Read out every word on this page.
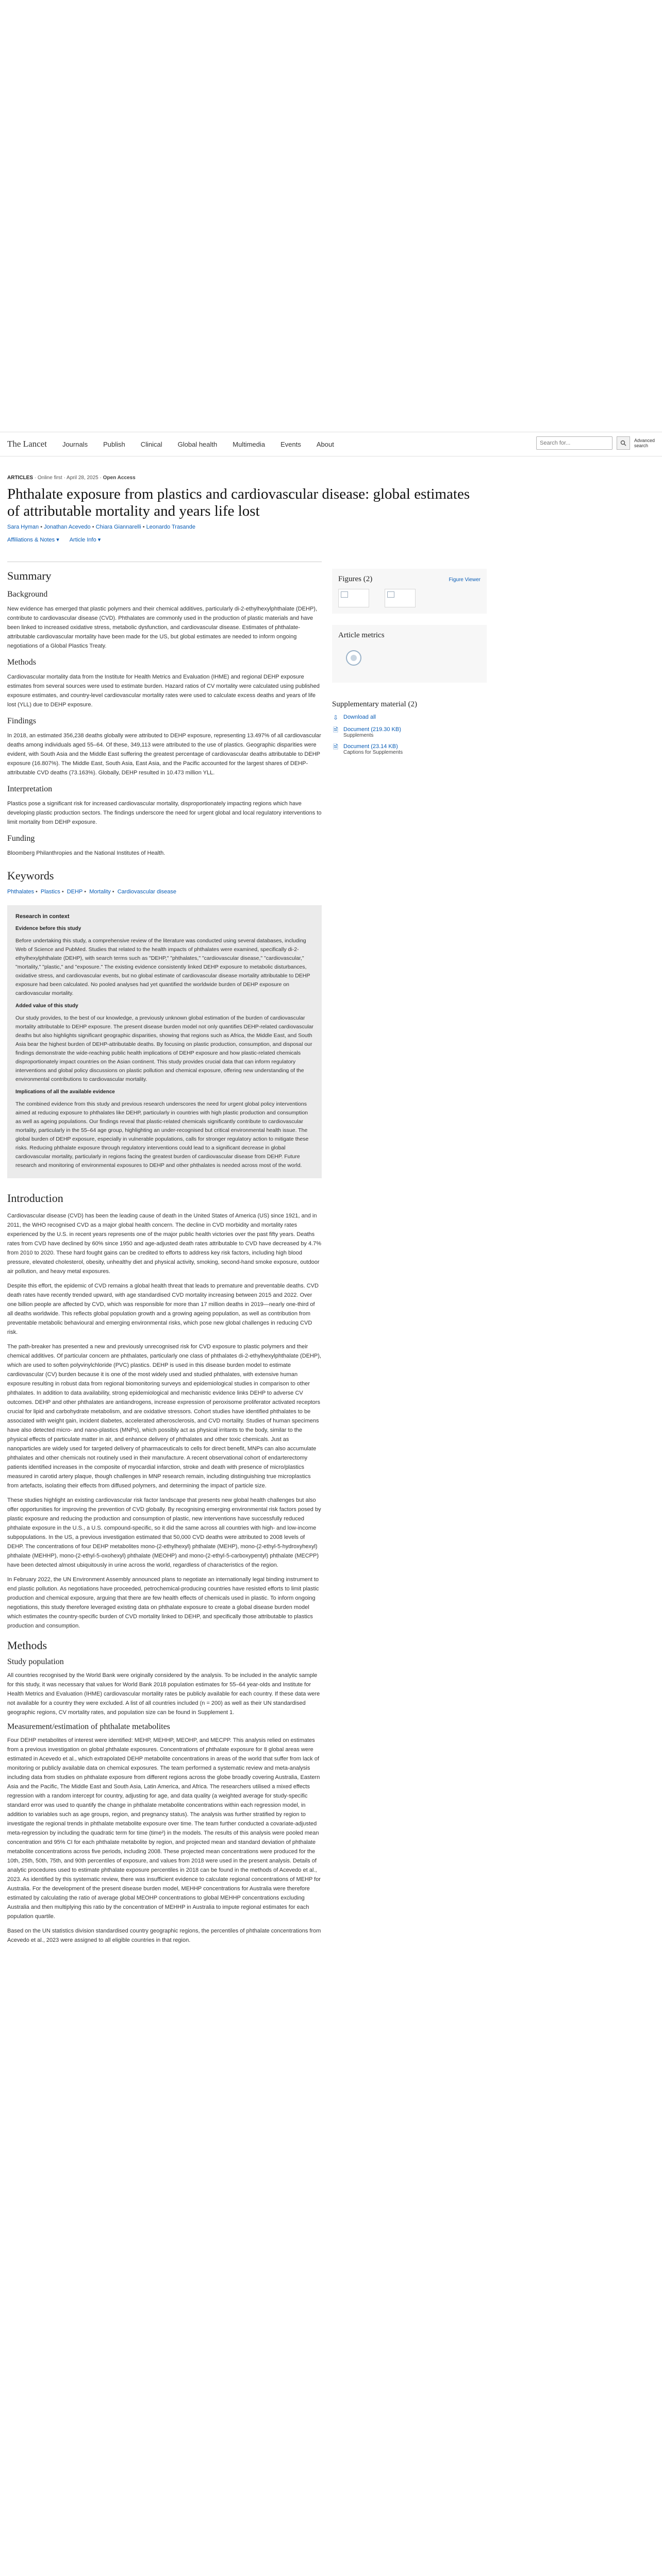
The Lancet Journals Publish Clinical Global health Multimedia Events About
Search for...	Advanced search
ARTICLES · Online first · April 28, 2025 · Open Access
Phthalate exposure from plastics and cardiovascular disease: global estimates of attributable mortality and years life lost
Sara Hyman • Jonathan Acevedo • Chiara Giannarelli • Leonardo Trasande
Affiliations & Notes ▾ Article Info ▾
Summary
Background

New evidence has emerged that plastic polymers and their chemical additives, particularly di-2-ethylhexylphthalate (DEHP), contribute to cardiovascular disease (CVD). Phthalates are commonly used in the production of plastic materials and have been linked to increased oxidative stress, metabolic dysfunction, and cardiovascular disease. Estimates of phthalate-attributable cardiovascular mortality have been made for the US, but global estimates are needed to inform ongoing negotiations of a Global Plastics Treaty.

Methods

Cardiovascular mortality data from the Institute for Health Metrics and Evaluation (IHME) and regional DEHP exposure estimates from several sources were used to estimate burden. Hazard ratios of CV mortality were calculated using published exposure estimates, and country-level cardiovascular mortality rates were used to calculate excess deaths and years of life lost (YLL) due to DEHP exposure.

Findings

In 2018, an estimated 356,238 deaths globally were attributed to DEHP exposure, representing 13.497% of all cardiovascular deaths among individuals aged 55–64. Of these, 349,113 were attributed to the use of plastics. Geographic disparities were evident, with South Asia and the Middle East suffering the greatest percentage of cardiovascular deaths attributable to DEHP exposure (16.807%). The Middle East, South Asia, East Asia, and the Pacific accounted for the largest shares of DEHP-attributable CVD deaths (73.163%). Globally, DEHP resulted in 10.473 million YLL.

Interpretation

Plastics pose a significant risk for increased cardiovascular mortality, disproportionately impacting regions which have developing plastic production sectors. The findings underscore the need for urgent global and local regulatory interventions to limit mortality from DEHP exposure.

Funding

Bloomberg Philanthropies and the National Institutes of Health.

Keywords
Phthalates • Plastics • DEHP • Mortality • Cardiovascular disease
Research in context
Evidence before this study

Before undertaking this study, a comprehensive review of the literature was conducted using several databases, including Web of Science and PubMed. Studies that related to the health impacts of phthalates were examined, specifically di-2-ethylhexylphthalate (DEHP), with search terms such as "DEHP," "phthalates," "cardiovascular disease," "cardiovascular," "mortality," "plastic," and "exposure." The existing evidence consistently linked DEHP exposure to metabolic disturbances, oxidative stress, and cardiovascular events, but no global estimate of cardiovascular disease mortality attributable to DEHP exposure had been calculated. No pooled analyses had yet quantified the worldwide burden of DEHP exposure on cardiovascular mortality.

Added value of this study

Our study provides, to the best of our knowledge, a previously unknown global estimation of the burden of cardiovascular mortality attributable to DEHP exposure. The present disease burden model not only quantifies DEHP-related cardiovascular deaths but also highlights significant geographic disparities, showing that regions such as Africa, the Middle East, and South Asia bear the highest burden of DEHP-attributable deaths. By focusing on plastic production, consumption, and disposal our findings demonstrate the wide-reaching public health implications of DEHP exposure and how plastic-related chemicals disproportionately impact countries on the Asian continent. This study provides crucial data that can inform regulatory interventions and global policy discussions on plastic pollution and chemical exposure, offering new understanding of the environmental contributions to cardiovascular mortality.

Implications of all the available evidence

The combined evidence from this study and previous research underscores the need for urgent global policy interventions aimed at reducing exposure to phthalates like DEHP, particularly in countries with high plastic production and consumption as well as ageing populations. Our findings reveal that plastic-related chemicals significantly contribute to cardiovascular mortality, particularly in the 55–64 age group, highlighting an under-recognised but critical environmental health issue. The global burden of DEHP exposure, especially in vulnerable populations, calls for stronger regulatory action to mitigate these risks. Reducing phthalate exposure through regulatory interventions could lead to a significant decrease in global cardiovascular mortality, particularly in regions facing the greatest burden of cardiovascular disease from DEHP. Future research and monitoring of environmental exposures to DEHP and other phthalates is needed across most of the world.

Introduction

Cardiovascular disease (CVD) has been the leading cause of death in the United States of America (US) since 1921, and in 2011, the WHO recognised CVD as a major global health concern. The decline in CVD morbidity and mortality rates experienced by the U.S. in recent years represents one of the major public health victories over the past fifty years. Deaths rates from CVD have declined by 60% since 1950 and age-adjusted death rates attributable to CVD have decreased by 4.7% from 2010 to 2020. These hard fought gains can be credited to efforts to address key risk factors, including high blood pressure, elevated cholesterol, obesity, unhealthy diet and physical activity, smoking, second-hand smoke exposure, outdoor air pollution, and heavy metal exposures.

Despite this effort, the epidemic of CVD remains a global health threat that leads to premature and preventable deaths. CVD death rates have recently trended upward, with age standardised CVD mortality increasing between 2015 and 2022. Over one billion people are affected by CVD, which was responsible for more than 17 million deaths in 2019—nearly one-third of all deaths worldwide. This reflects global population growth and a growing ageing population, as well as contribution from preventable metabolic behavioural and emerging environmental risks, which pose new global challenges in reducing CVD risk.

The path-breaker has presented a new and previously unrecognised risk for CVD exposure to plastic polymers and their chemical additives. Of particular concern are phthalates, particularly one class of phthalates di-2-ethylhexylphthalate (DEHP), which are used to soften polyvinylchloride (PVC) plastics. DEHP is used in this disease burden model to estimate cardiovascular (CV) burden because it is one of the most widely used and studied phthalates, with extensive human exposure resulting in robust data from regional biomonitoring surveys and epidemiological studies in comparison to other phthalates. In addition to data availability, strong epidemiological and mechanistic evidence links DEHP to adverse CV outcomes. DEHP and other phthalates are antiandrogens, increase expression of peroxisome proliferator activated receptors crucial for lipid and carbohydrate metabolism, and are oxidative stressors. Cohort studies have identified phthalates to be associated with weight gain, incident diabetes, accelerated atherosclerosis, and CVD mortality. Studies of human specimens have also detected micro- and nano-plastics (MNPs), which possibly act as physical irritants to the body, similar to the physical effects of particulate matter in air, and enhance delivery of phthalates and other toxic chemicals. Just as nanoparticles are widely used for targeted delivery of pharmaceuticals to cells for direct benefit, MNPs can also accumulate phthalates and other chemicals not routinely used in their manufacture. A recent observational cohort of endarterectomy patients identified increases in the composite of myocardial infarction, stroke and death with presence of micro/plastics measured in carotid artery plaque, though challenges in MNP research remain, including distinguishing true microplastics from artefacts, isolating their effects from diffused polymers, and determining the impact of particle size.

These studies highlight an existing cardiovascular risk factor landscape that presents new global health challenges but also offer opportunities for improving the prevention of CVD globally. By recognising emerging environmental risk factors posed by plastic exposure and reducing the production and consumption of plastic, new interventions have successfully reduced phthalate exposure in the U.S., a U.S. compound-specific, so it did the same across all countries with high- and low-income subpopulations. In the US, a previous investigation estimated that 50,000 CVD deaths were attributed to 2008 levels of DEHP. The concentrations of four DEHP metabolites mono-(2-ethylhexyl) phthalate (MEHP), mono-(2-ethyl-5-hydroxyhexyl) phthalate (MEHHP), mono-(2-ethyl-5-oxohexyl) phthalate (MEOHP) and mono-(2-ethyl-5-carboxypentyl) phthalate (MECPP) have been detected almost ubiquitously in urine across the world, regardless of characteristics of the region.

In February 2022, the UN Environment Assembly announced plans to negotiate an internationally legal binding instrument to end plastic pollution. As negotiations have proceeded, petrochemical-producing countries have resisted efforts to limit plastic production and chemical exposure, arguing that there are few health effects of chemicals used in plastic. To inform ongoing negotiations, this study therefore leveraged existing data on phthalate exposure to create a global disease burden model which estimates the country-specific burden of CVD mortality linked to DEHP, and specifically those attributable to plastics production and consumption.

Methods
Study population

All countries recognised by the World Bank were originally considered by the analysis. To be included in the analytic sample for this study, it was necessary that values for World Bank 2018 population estimates for 55–64 year-olds and Institute for Health Metrics and Evaluation (IHME) cardiovascular mortality rates be publicly available for each country. If these data were not available for a country they were excluded. A list of all countries included (n = 200) as well as their UN standardised geographic regions, CV mortality rates, and population size can be found in Supplement 1.

Measurement/estimation of phthalate metabolites

Four DEHP metabolites of interest were identified: MEHP, MEHHP, MEOHP, and MECPP. This analysis relied on estimates from a previous investigation on global phthalate exposures. Concentrations of phthalate exposure for 8 global areas were estimated in Acevedo et al., which extrapolated DEHP metabolite concentrations in areas of the world that suffer from lack of monitoring or publicly available data on chemical exposures. The team performed a systematic review and meta-analysis including data from studies on phthalate exposure from different regions across the globe broadly covering Australia, Eastern Asia and the Pacific, The Middle East and South Asia, Latin America, and Africa. The researchers utilised a mixed effects regression with a random intercept for country, adjusting for age, and data quality (a weighted average for study-specific standard error was used to quantify the change in phthalate metabolite concentrations within each regression model, in addition to variables such as age groups, region, and pregnancy status). The analysis was further stratified by region to investigate the regional trends in phthalate metabolite exposure over time. The team further conducted a covariate-adjusted meta-regression by including the quadratic term for time (time²) in the models. The results of this analysis were pooled mean concentration and 95% CI for each phthalate metabolite by region, and projected mean and standard deviation of phthalate metabolite concentrations across five periods, including 2008. These projected mean concentrations were produced for the 10th, 25th, 50th, 75th, and 90th percentiles of exposure, and values from 2018 were used in the present analysis. Details of analytic procedures used to estimate phthalate exposure percentiles in 2018 can be found in the methods of Acevedo et al., 2023. As identified by this systematic review, there was insufficient evidence to calculate regional concentrations of MEHP for Australia. For the development of the present disease burden model, MEHHP concentrations for Australia were therefore estimated by calculating the ratio of average global MEOHP concentrations to global MEHHP concentrations excluding Australia and then multiplying this ratio by the concentration of MEHHP in Australia to impute regional estimates for each population quartile.

Based on the UN statistics division standardised country geographic regions, the percentiles of phthalate concentrations from Acevedo et al., 2023 were assigned to all eligible countries in that region.

Figures (2)	Figure Viewer
Article metrics
Supplementary material (2)
⇩ Download all
🗎 Document (219.30 KB)
Supplements
🗎 Document (23.14 KB)
Captions for Supplements
